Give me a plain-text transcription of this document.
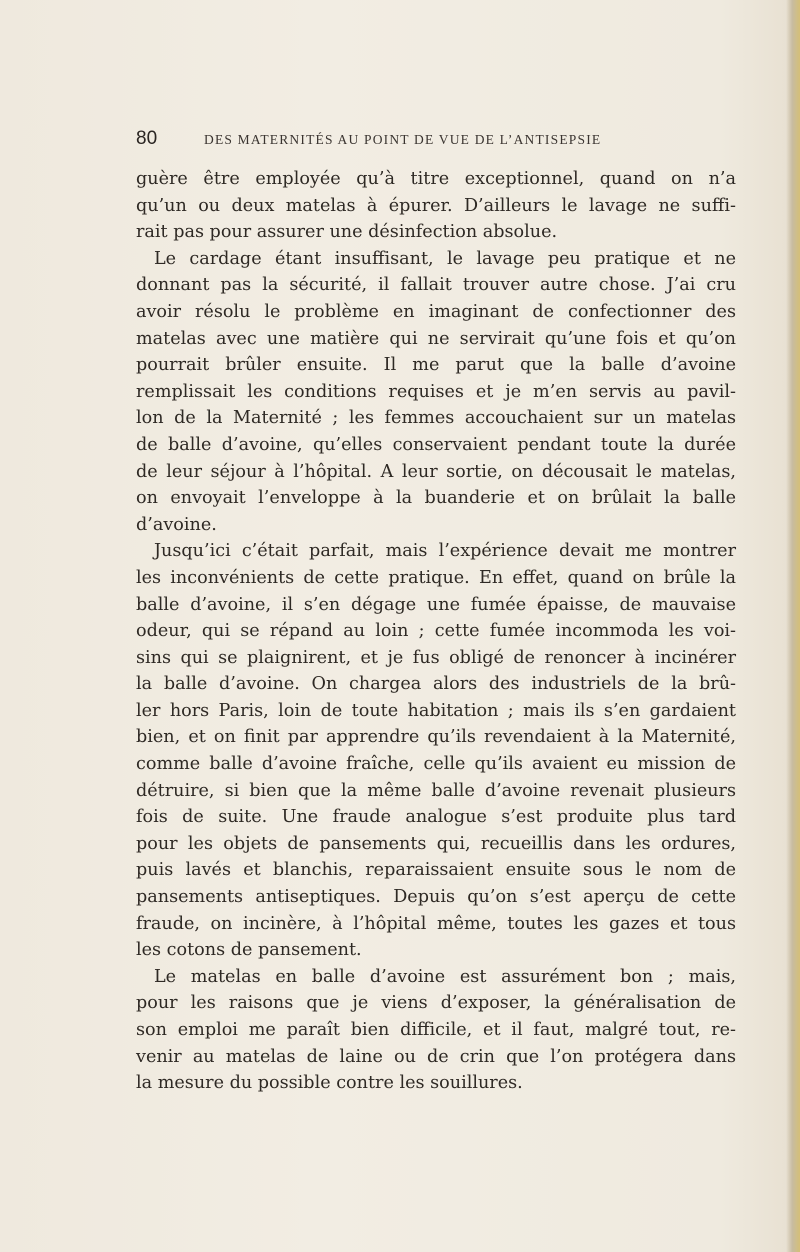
80	DES MATERNITÉS AU POINT DE VUE DE L’ANTISEPSIE
guère être employée qu’à titre exceptionnel, quand on n’a
qu’un ou deux matelas à épurer. D’ailleurs le lavage ne suffi-
rait pas pour assurer une désinfection absolue.
Le cardage étant insuffisant, le lavage peu pratique et ne
donnant pas la sécurité, il fallait trouver autre chose. J’ai cru
avoir résolu le problème en imaginant de confectionner des
matelas avec une matière qui ne servirait qu’une fois et qu’on
pourrait brûler ensuite. Il me parut que la balle d’avoine
remplissait les conditions requises et je m’en servis au pavil-
lon de la Maternité ; les femmes accouchaient sur un matelas
de balle d’avoine, qu’elles conservaient pendant toute la durée
de leur séjour à l’hôpital. A leur sortie, on décousait le matelas,
on envoyait l’enveloppe à la buanderie et on brûlait la balle
d’avoine.
Jusqu’ici c’était parfait, mais l’expérience devait me montrer
les inconvénients de cette pratique. En effet, quand on brûle la
balle d’avoine, il s’en dégage une fumée épaisse, de mauvaise
odeur, qui se répand au loin ; cette fumée incommoda les voi-
sins qui se plaignirent, et je fus obligé de renoncer à incinérer
la balle d’avoine. On chargea alors des industriels de la brû-
ler hors Paris, loin de toute habitation ; mais ils s’en gardaient
bien, et on finit par apprendre qu’ils revendaient à la Maternité,
comme balle d’avoine fraîche, celle qu’ils avaient eu mission de
détruire, si bien que la même balle d’avoine revenait plusieurs
fois de suite. Une fraude analogue s’est produite plus tard
pour les objets de pansements qui, recueillis dans les ordures,
puis lavés et blanchis, reparaissaient ensuite sous le nom de
pansements antiseptiques. Depuis qu’on s’est aperçu de cette
fraude, on incinère, à l’hôpital même, toutes les gazes et tous
les cotons de pansement.
Le matelas en balle d’avoine est assurément bon ; mais,
pour les raisons que je viens d’exposer, la généralisation de
son emploi me paraît bien difficile, et il faut, malgré tout, re-
venir au matelas de laine ou de crin que l’on protégera dans
la mesure du possible contre les souillures.
